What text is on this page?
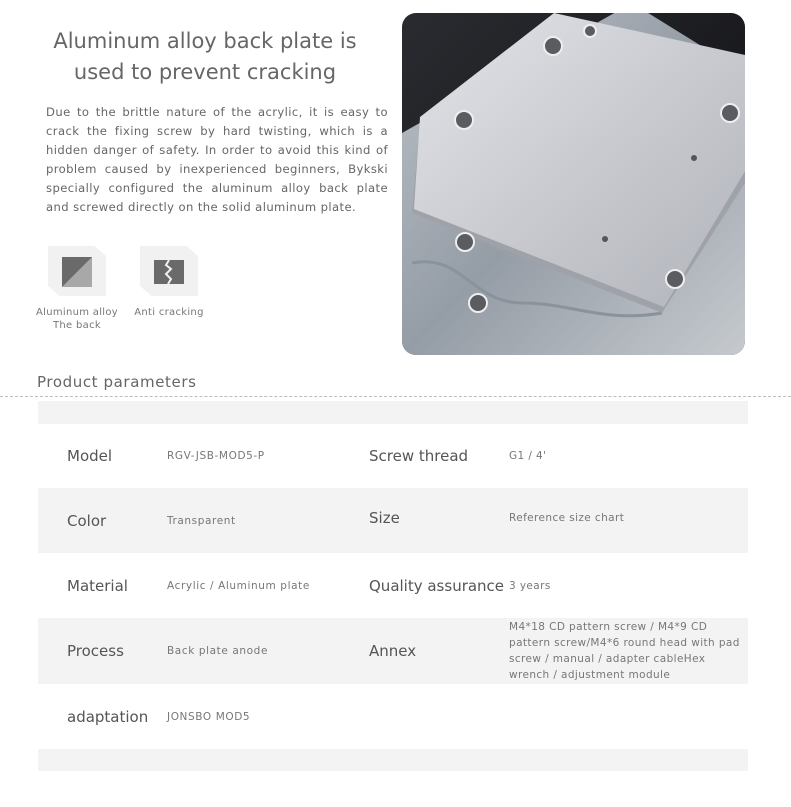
Aluminum alloy back plate is used to prevent cracking

Due to the brittle nature of the acrylic, it is easy to crack the fixing screw by hard twisting, which is a hidden danger of safety. In order to avoid this kind of problem caused by inexperienced beginners, Bykski specially configured the aluminum alloy back plate and screwed directly on the solid aluminum plate.

Aluminum alloy
The back
Anti cracking
Product parameters
Model	RGV-JSB-MOD5-P	Screw thread	G1 / 4'
Color	Transparent	Size	Reference size chart
Material	Acrylic / Aluminum plate	Quality assurance 3 years
Process	Back plate anode	Annex
M4*18 CD pattern screw / M4*9 CD pattern screw/M4*6 round head with pad screw / manual / adapter cableHex wrench / adjustment module
adaptation JONSBO MOD5
